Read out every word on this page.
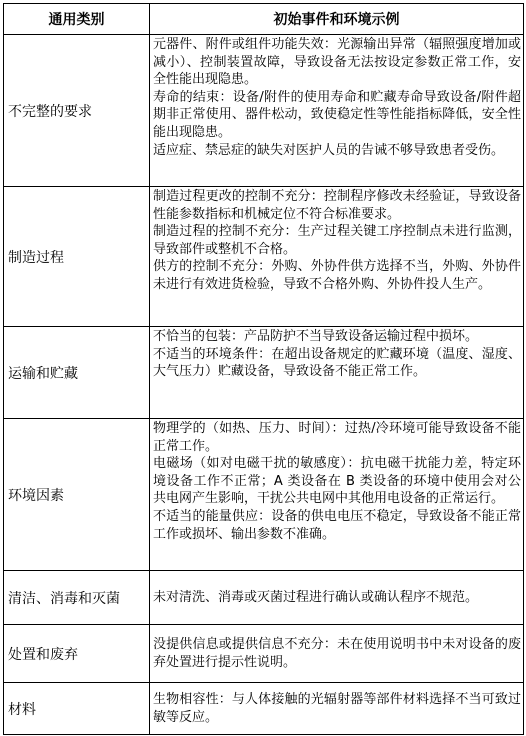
通用类别	初始事件和环境示例
不完整的要求	元器件、附件或组件功能失效：光源输出异常（辐照强度增加或减小）、控制装置故障，导致设备无法按设定参数正常工作，安全性能出现隐患。

寿命的结束：设备/附件的使用寿命和贮藏寿命导致设备/附件超期非正常使用、器件松动，致使稳定性等性能指标降低，安全性能出现隐患。

适应症、禁忌症的缺失对医护人员的告诫不够导致患者受伤。

制造过程	制造过程更改的控制不充分：控制程序修改未经验证，导致设备性能参数指标和机械定位不符合标准要求。

制造过程的控制不充分：生产过程关键工序控制点未进行监测，导致部件或整机不合格。

供方的控制不充分：外购、外协件供方选择不当，外购、外协件未进行有效进货检验，导致不合格外购、外协件投人生产。

运输和贮藏	不恰当的包装：产品防护不当导致设备运输过程中损坏。

不适当的环境条件：在超出设备规定的贮藏环境（温度、湿度、大气压力）贮藏设备，导致设备不能正常工作。

环境因素	物理学的（如热、压力、时间）：过热/冷环境可能导致设备不能正常工作。

电磁场（如对电磁干扰的敏感度）：抗电磁干扰能力差，特定环境设备工作不正常；A 类设备在 B 类设备的环境中使用会对公共电网产生影响，干扰公共电网中其他用电设备的正常运行。

不适当的能量供应：设备的供电电压不稳定，导致设备不能正常工作或损坏、输出参数不准确。

清洁、消毒和灭菌	未对清洗、消毒或灭菌过程进行确认或确认程序不规范。

处置和废弃	没提供信息或提供信息不充分：未在使用说明书中未对设备的废弃处置进行提示性说明。

材料	生物相容性：与人体接触的光辐射器等部件材料选择不当可致过敏等反应。
